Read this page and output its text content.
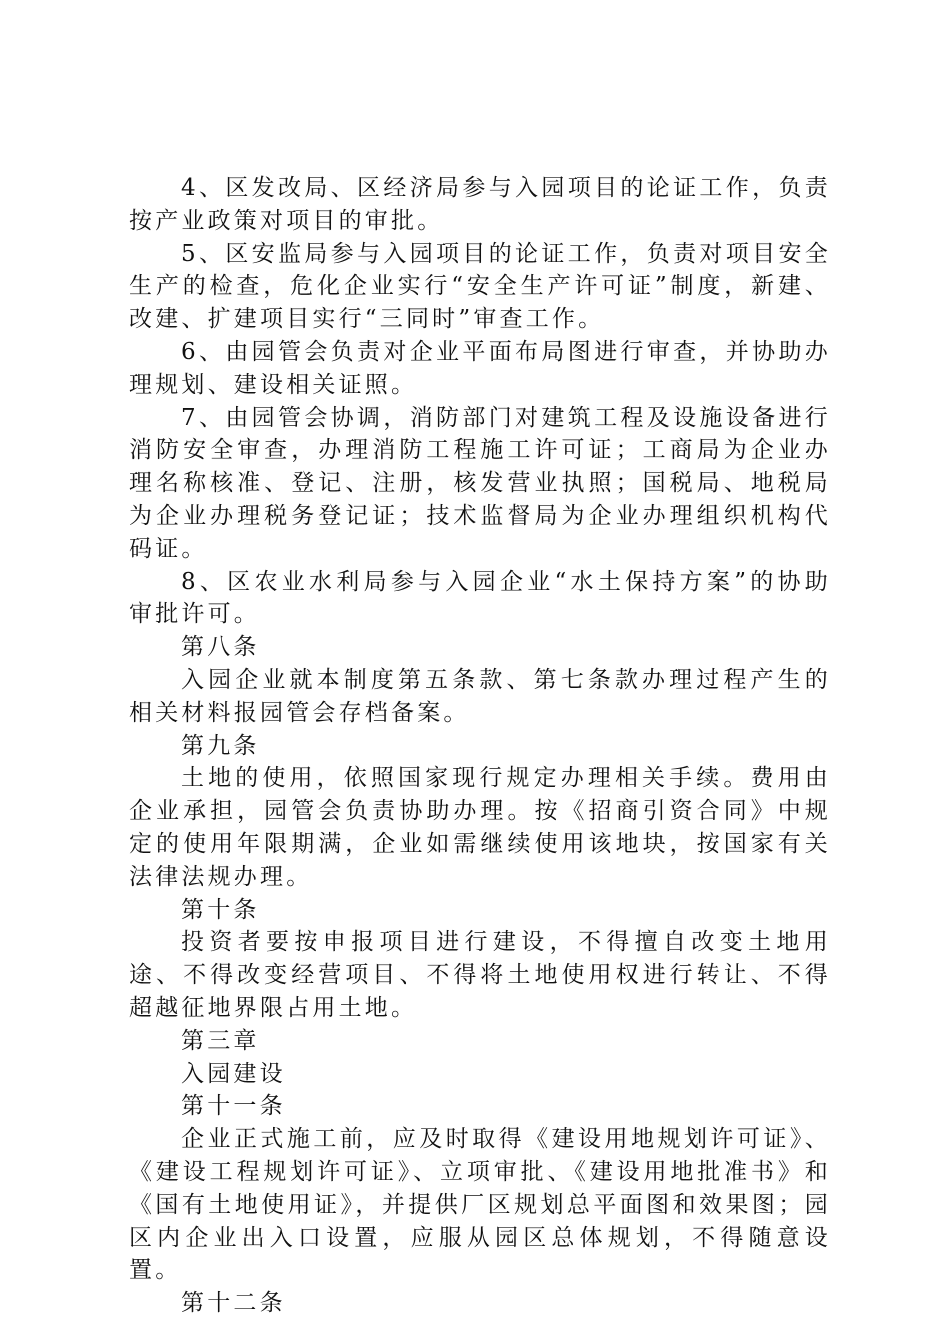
4、区发改局、区经济局参与入园项目的论证工作，负责按产业政策对项目的审批。

5、区安监局参与入园项目的论证工作，负责对项目安全生产的检查，危化企业实行“安全生产许可证”制度，新建、改建、扩建项目实行“三同时”审查工作。

6、由园管会负责对企业平面布局图进行审查，并协助办理规划、建设相关证照。

7、由园管会协调，消防部门对建筑工程及设施设备进行消防安全审查，办理消防工程施工许可证；工商局为企业办理名称核准、登记、注册，核发营业执照；国税局、地税局为企业办理税务登记证；技术监督局为企业办理组织机构代码证。

8、区农业水利局参与入园企业“水土保持方案”的协助审批许可。

第八条

入园企业就本制度第五条款、第七条款办理过程产生的相关材料报园管会存档备案。

第九条

土地的使用，依照国家现行规定办理相关手续。费用由企业承担，园管会负责协助办理。按《招商引资合同》中规定的使用年限期满，企业如需继续使用该地块，按国家有关法律法规办理。

第十条

投资者要按申报项目进行建设，不得擅自改变土地用途、不得改变经营项目、不得将土地使用权进行转让、不得超越征地界限占用土地。

第三章

入园建设

第十一条

企业正式施工前，应及时取得《建设用地规划许可证》、《建设工程规划许可证》、立项审批、《建设用地批准书》和《国有土地使用证》，并提供厂区规划总平面图和效果图；园区内企业出入口设置，应服从园区总体规划，不得随意设置。

第十二条
